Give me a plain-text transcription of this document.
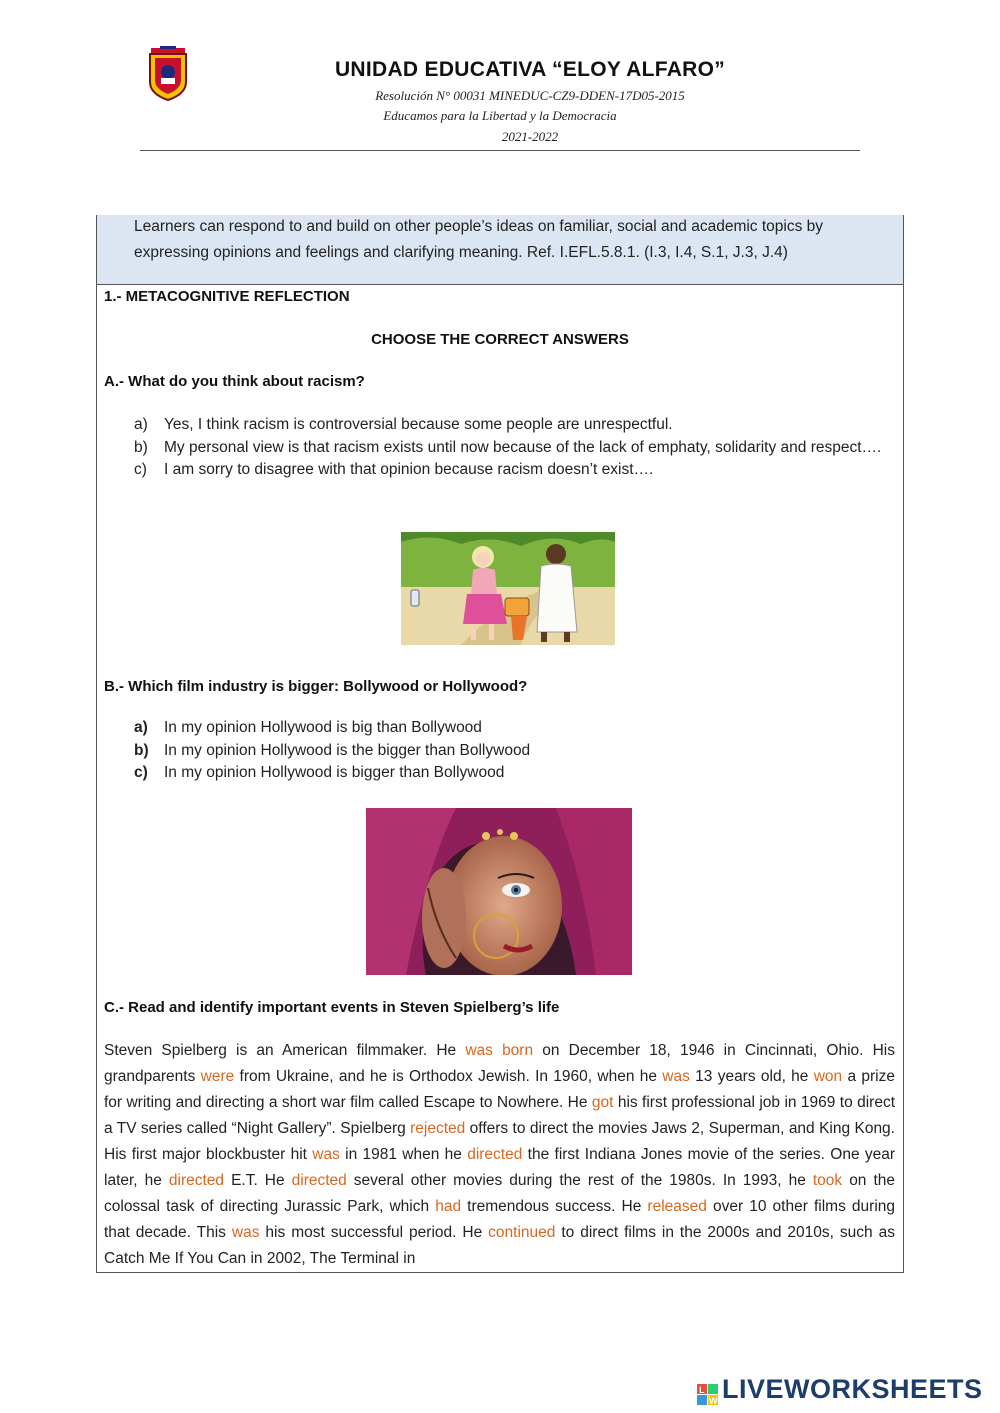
UNIDAD EDUCATIVA “ELOY ALFARO”
Resolución N° 00031 MINEDUC-CZ9-DDEN-17D05-2015
Educamos para la Libertad y la Democracia
2021-2022
Learners can respond to and build on other people’s ideas on familiar, social and academic topics by expressing opinions and feelings and clarifying meaning. Ref. I.EFL.5.8.1. (I.3, I.4, S.1, J.3, J.4)
1.- METACOGNITIVE REFLECTION
CHOOSE THE CORRECT ANSWERS
A.- What do you think about racism?
a)	Yes, I think racism is controversial because some people are unrespectful.
b)	My personal view is that racism exists until now because of the lack of emphaty, solidarity and respect….
c)	I am sorry to disagree with that opinion because racism doesn’t exist….
B.- Which film industry is bigger: Bollywood or Hollywood?
a)	In my opinion Hollywood is big than Bollywood
b) In my opinion Hollywood is the bigger than Bollywood
c)	In my opinion Hollywood is bigger than Bollywood
C.- Read and identify important events in Steven Spielberg’s life
Steven Spielberg is an American filmmaker. He was born on December 18, 1946 in Cincinnati, Ohio. His grandparents were from Ukraine, and he is Orthodox Jewish. In 1960, when he was 13 years old, he won a prize for writing and directing a short war film called Escape to Nowhere. He got his first professional job in 1969 to direct a TV series called “Night Gallery”. Spielberg rejected offers to direct the movies Jaws 2, Superman, and King Kong. His first major blockbuster hit was in 1981 when he directed the first Indiana Jones movie of the series. One year later, he directed E.T. He directed several other movies during the rest of the 1980s. In 1993, he took on the colossal task of directing Jurassic Park, which had tremendous success. He released over 10 other films during that decade. This was his most successful period. He continued to direct films in the 2000s and 2010s, such as Catch Me If You Can in 2002, The Terminal in
L
W LIVEWORKSHEETS
